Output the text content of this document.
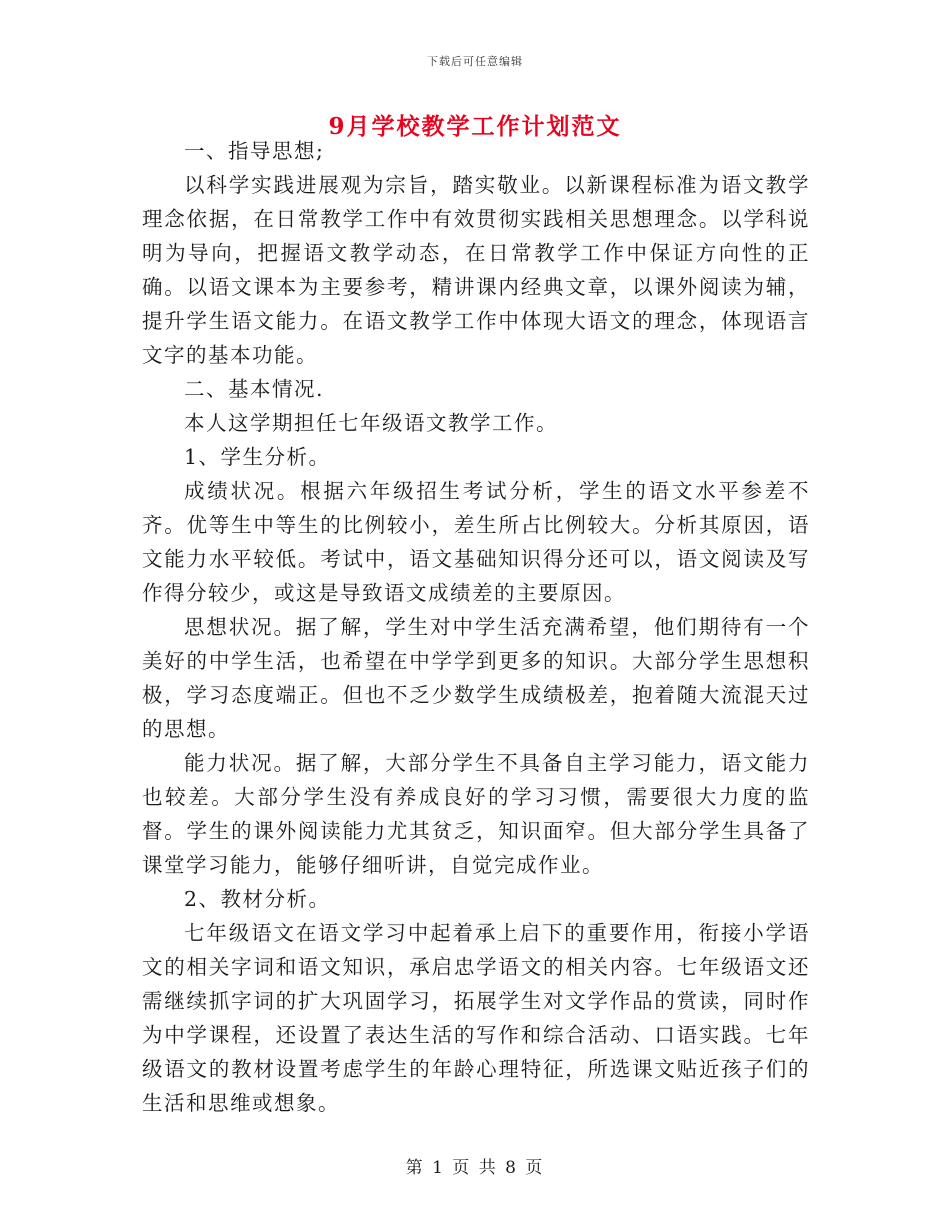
下载后可任意编辑
9月学校教学工作计划范文

一、指导思想;

以科学实践进展观为宗旨，踏实敬业。以新课程标准为语文教学理念依据，在日常教学工作中有效贯彻实践相关思想理念。以学科说明为导向，把握语文教学动态，在日常教学工作中保证方向性的正确。以语文课本为主要参考，精讲课内经典文章，以课外阅读为辅，提升学生语文能力。在语文教学工作中体现大语文的理念，体现语言文字的基本功能。

二、基本情况.

本人这学期担任七年级语文教学工作。

1、学生分析。

成绩状况。根据六年级招生考试分析，学生的语文水平参差不齐。优等生中等生的比例较小，差生所占比例较大。分析其原因，语文能力水平较低。考试中，语文基础知识得分还可以，语文阅读及写作得分较少，或这是导致语文成绩差的主要原因。

思想状况。据了解，学生对中学生活充满希望，他们期待有一个美好的中学生活，也希望在中学学到更多的知识。大部分学生思想积极，学习态度端正。但也不乏少数学生成绩极差，抱着随大流混天过的思想。

能力状况。据了解，大部分学生不具备自主学习能力，语文能力也较差。大部分学生没有养成良好的学习习惯，需要很大力度的监督。学生的课外阅读能力尤其贫乏，知识面窄。但大部分学生具备了课堂学习能力，能够仔细听讲，自觉完成作业。

2、教材分析。

七年级语文在语文学习中起着承上启下的重要作用，衔接小学语文的相关字词和语文知识，承启忠学语文的相关内容。七年级语文还需继续抓字词的扩大巩固学习，拓展学生对文学作品的赏读，同时作为中学课程，还设置了表达生活的写作和综合活动、口语实践。七年级语文的教材设置考虑学生的年龄心理特征，所选课文贴近孩子们的生活和思维或想象。

第 1 页 共 8 页
